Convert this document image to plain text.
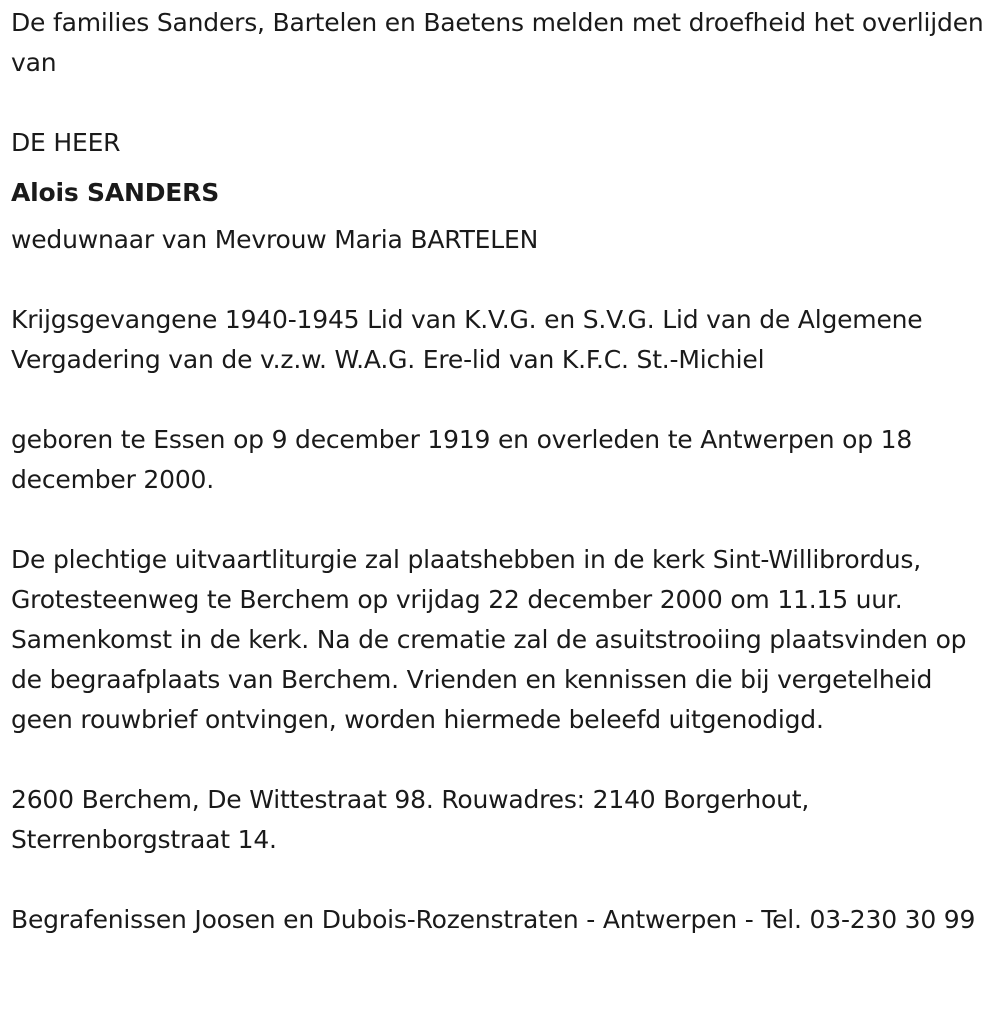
De families Sanders, Bartelen en Baetens melden met droefheid het overlijden van

DE HEER

Alois SANDERS

weduwnaar van Mevrouw Maria BARTELEN

Krijgsgevangene 1940-1945 Lid van K.V.G. en S.V.G. Lid van de Algemene Vergadering van de v.z.w. W.A.G. Ere-lid van K.F.C. St.-Michiel

geboren te Essen op 9 december 1919 en overleden te Antwerpen op 18 december 2000.

De plechtige uitvaartliturgie zal plaatshebben in de kerk Sint-Willibrordus, Grotesteenweg te Berchem op vrijdag 22 december 2000 om 11.15 uur. Samenkomst in de kerk. Na de crematie zal de asuitstrooiing plaatsvinden op de begraafplaats van Berchem. Vrienden en kennissen die bij vergetelheid geen rouwbrief ontvingen, worden hiermede beleefd uitgenodigd.

2600 Berchem, De Wittestraat 98. Rouwadres: 2140 Borgerhout, Sterrenborgstraat 14.

Begrafenissen Joosen en Dubois-Rozenstraten - Antwerpen - Tel. 03-230 30 99
